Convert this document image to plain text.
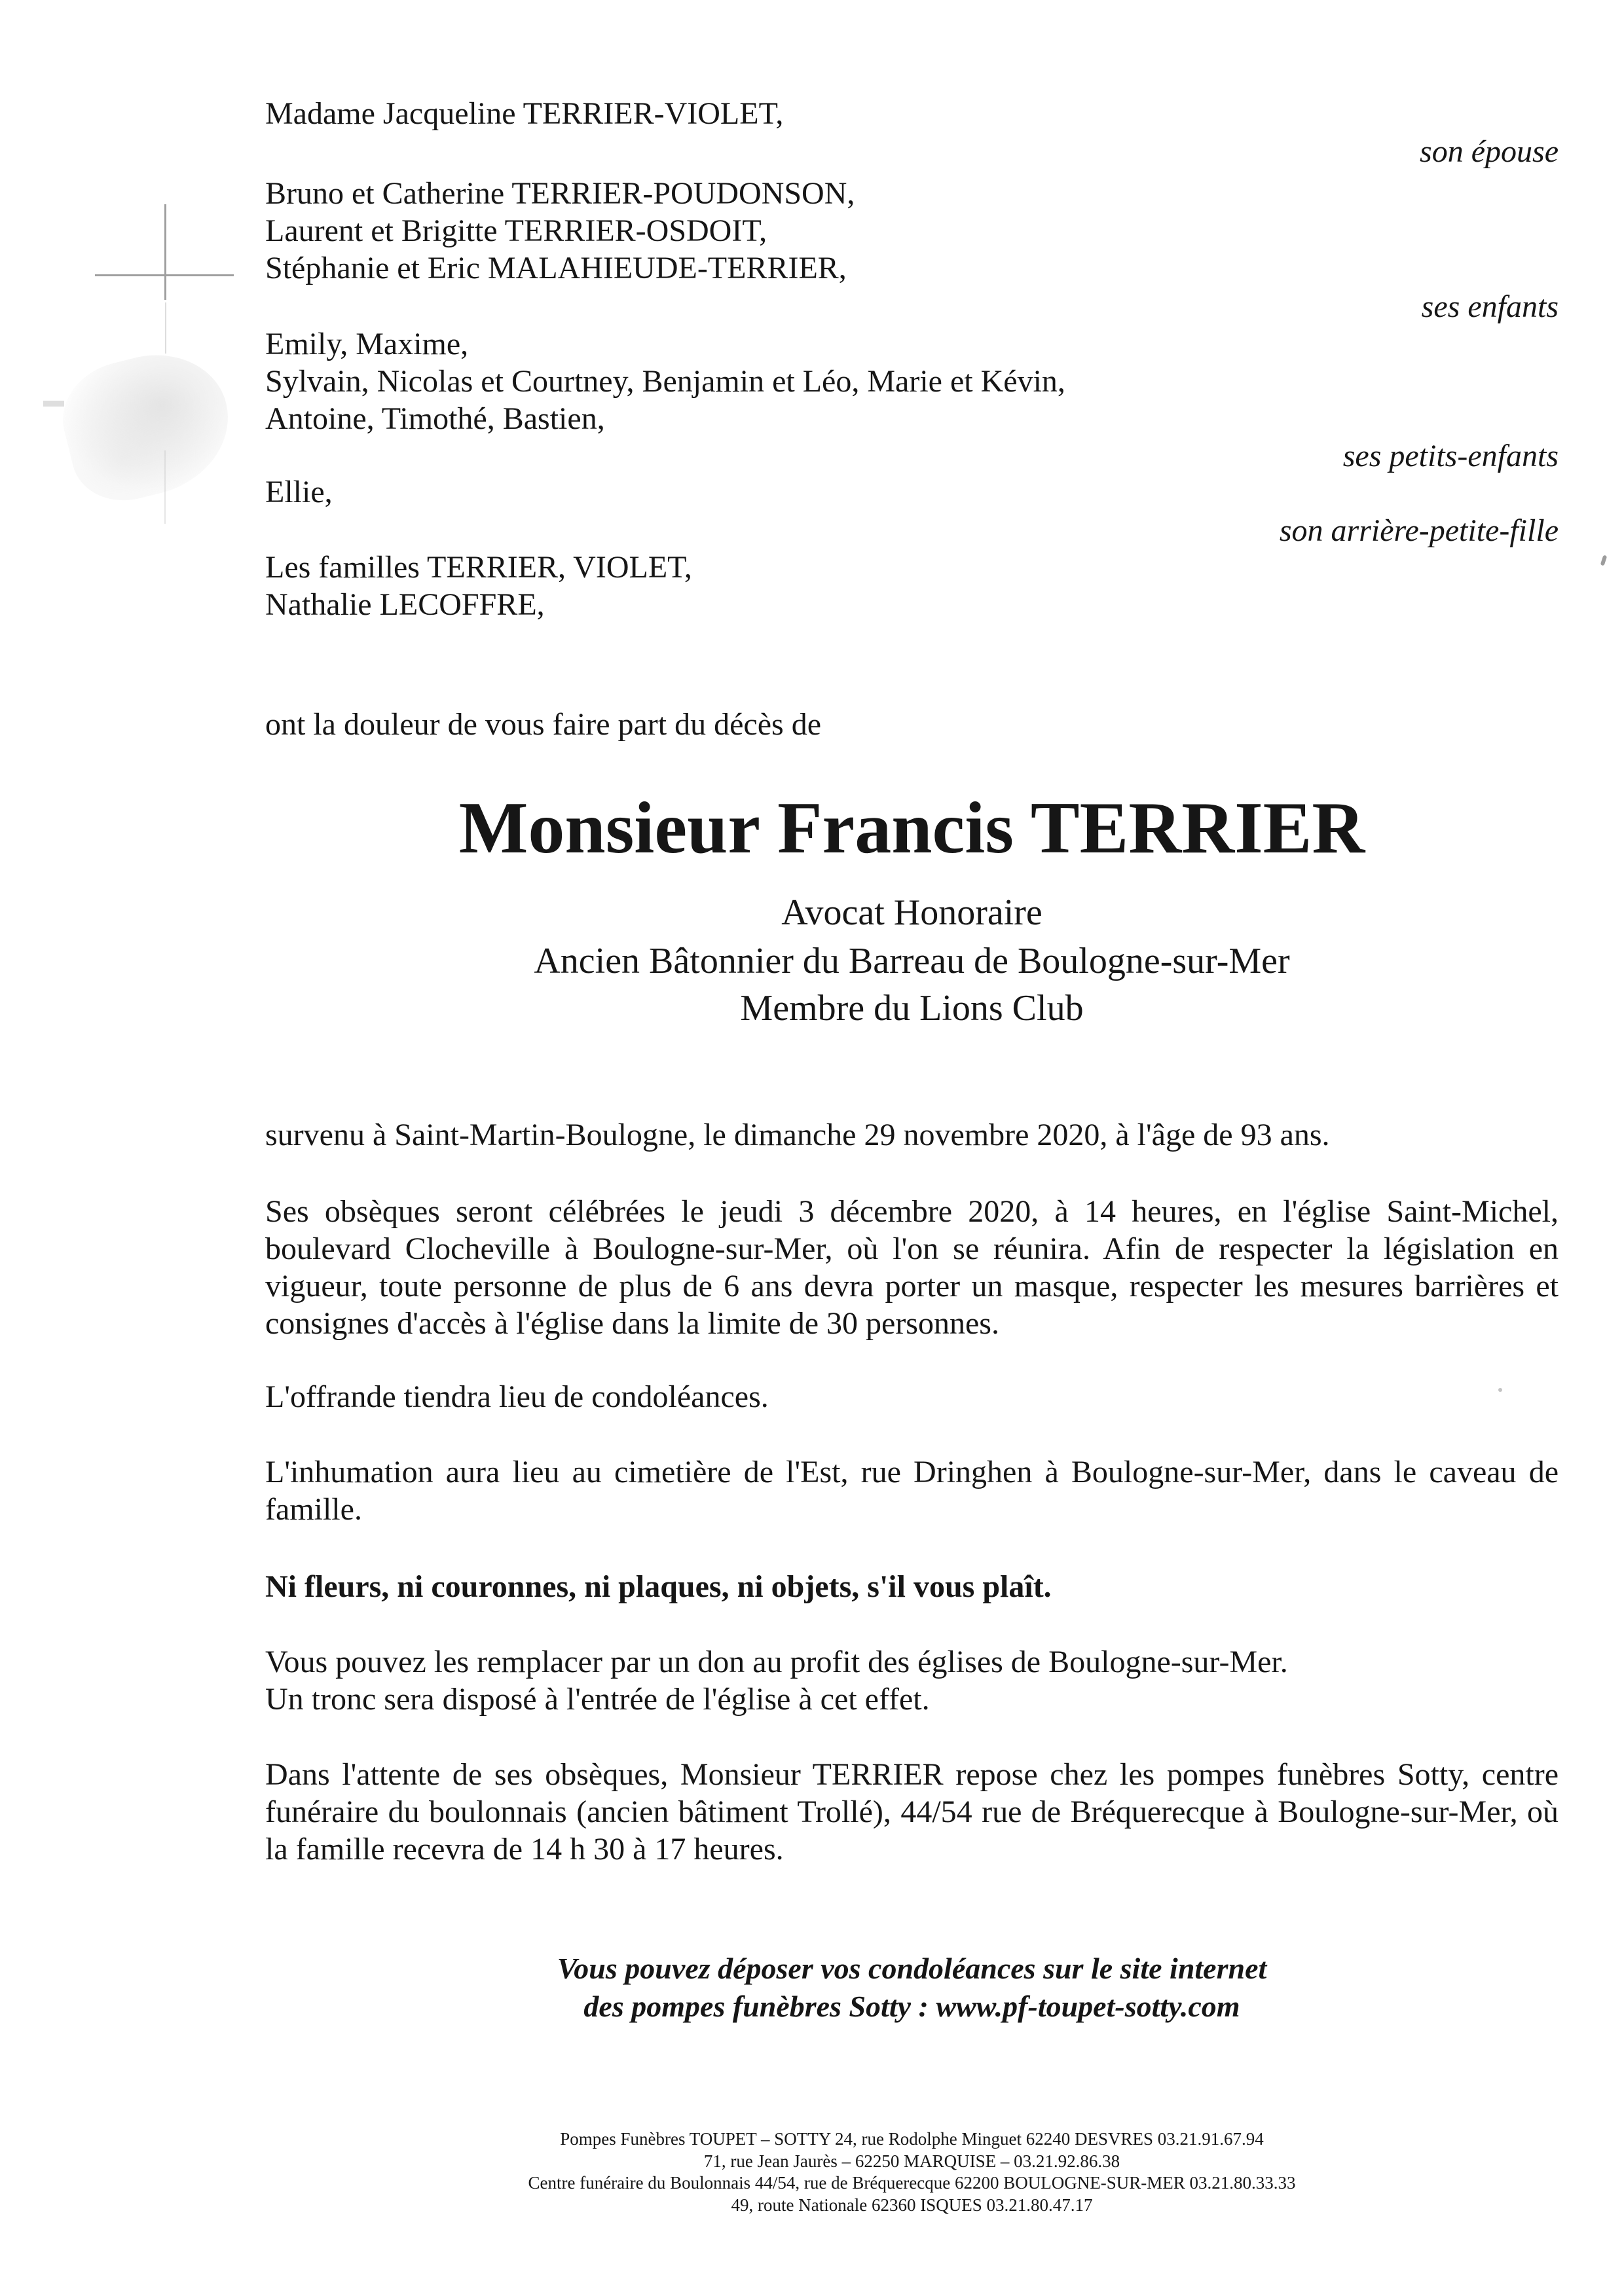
Madame Jacqueline TERRIER-VIOLET,
son épouse
Bruno et Catherine TERRIER-POUDONSON,
Laurent et Brigitte TERRIER-OSDOIT,
Stéphanie et Eric MALAHIEUDE-TERRIER,
ses enfants
Emily, Maxime,
Sylvain, Nicolas et Courtney, Benjamin et Léo, Marie et Kévin,
Antoine, Timothé, Bastien,
ses petits-enfants
Ellie,
son arrière-petite-fille
Les familles TERRIER, VIOLET,
Nathalie LECOFFRE,
ont la douleur de vous faire part du décès de
Monsieur Francis TERRIER
Avocat Honoraire
Ancien Bâtonnier du Barreau de Boulogne-sur-Mer
Membre du Lions Club
survenu à Saint-Martin-Boulogne, le dimanche 29 novembre 2020, à l'âge de 93 ans.
Ses obsèques seront célébrées le jeudi 3 décembre 2020, à 14 heures, en l'église Saint-Michel, boulevard Clocheville à Boulogne-sur-Mer, où l'on se réunira. Afin de respecter la législation en vigueur, toute personne de plus de 6 ans devra porter un masque, respecter les mesures barrières et consignes d'accès à l'église dans la limite de 30 personnes.
L'offrande tiendra lieu de condoléances.
L'inhumation aura lieu au cimetière de l'Est, rue Dringhen à Boulogne-sur-Mer, dans le caveau de famille.
Ni fleurs, ni couronnes, ni plaques, ni objets, s'il vous plaît.
Vous pouvez les remplacer par un don au profit des églises de Boulogne-sur-Mer.
Un tronc sera disposé à l'entrée de l'église à cet effet.
Dans l'attente de ses obsèques, Monsieur TERRIER repose chez les pompes funèbres Sotty, centre funéraire du boulonnais (ancien bâtiment Trollé), 44/54 rue de Bréquerecque à Boulogne-sur-Mer, où la famille recevra de 14 h 30 à 17 heures.
Vous pouvez déposer vos condoléances sur le site internet
des pompes funèbres Sotty : www.pf-toupet-sotty.com
Pompes Funèbres TOUPET – SOTTY 24, rue Rodolphe Minguet 62240 DESVRES 03.21.91.67.94
71, rue Jean Jaurès – 62250 MARQUISE – 03.21.92.86.38
Centre funéraire du Boulonnais 44/54, rue de Bréquerecque 62200 BOULOGNE-SUR-MER 03.21.80.33.33
49, route Nationale 62360 ISQUES 03.21.80.47.17
